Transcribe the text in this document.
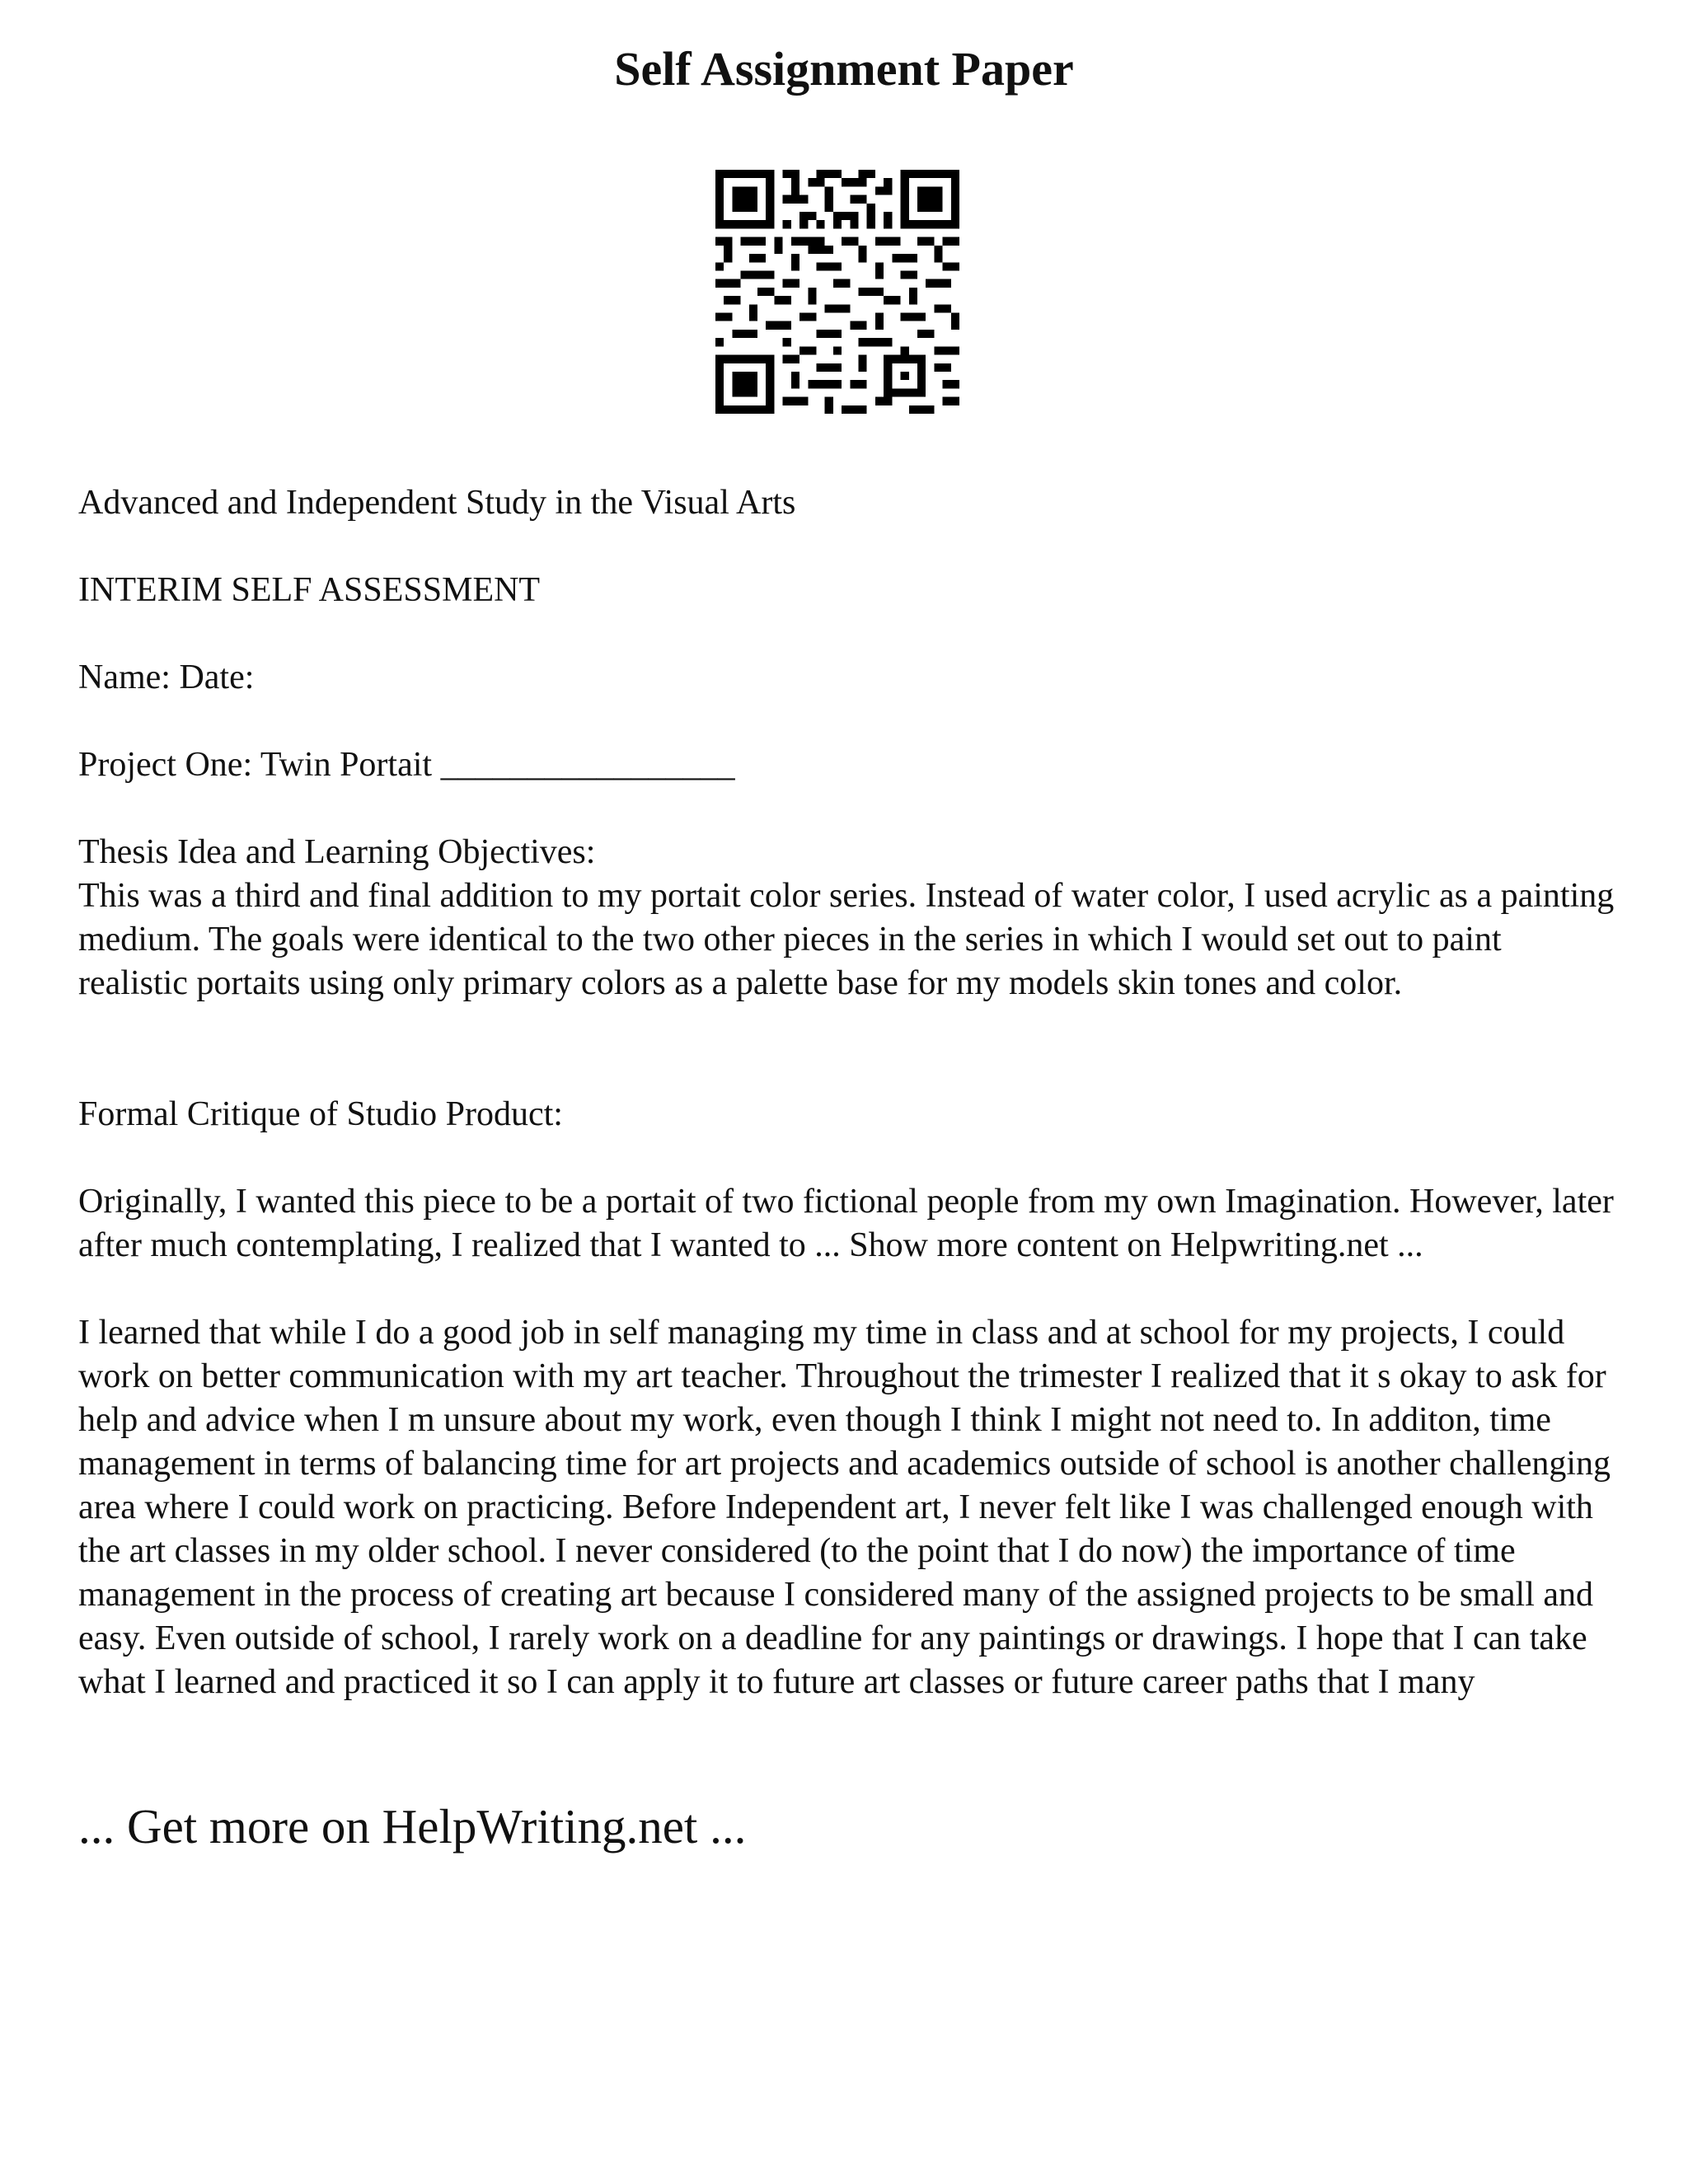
Self Assignment Paper

Advanced and Independent Study in the Visual Arts

INTERIM SELF ASSESSMENT

Name: Date:

Project One: Twin Portait _________________

Thesis Idea and Learning Objectives:
This was a third and final addition to my portait color series. Instead of water color, I used acrylic as a painting medium. The goals were identical to the two other pieces in the series in which I would set out to paint realistic portaits using only primary colors as a palette base for my models skin tones and color.

Formal Critique of Studio Product:

Originally, I wanted this piece to be a portait of two fictional people from my own Imagination. However, later after much contemplating, I realized that I wanted to ... Show more content on Helpwriting.net ...

I learned that while I do a good job in self managing my time in class and at school for my projects, I could work on better communication with my art teacher. Throughout the trimester I realized that it s okay to ask for help and advice when I m unsure about my work, even though I think I might not need to. In additon, time management in terms of balancing time for art projects and academics outside of school is another challenging area where I could work on practicing. Before Independent art, I never felt like I was challenged enough with the art classes in my older school. I never considered (to the point that I do now) the importance of time management in the process of creating art because I considered many of the assigned projects to be small and easy. Even outside of school, I rarely work on a deadline for any paintings or drawings. I hope that I can take what I learned and practiced it so I can apply it to future art classes or future career paths that I many

... Get more on HelpWriting.net ...
